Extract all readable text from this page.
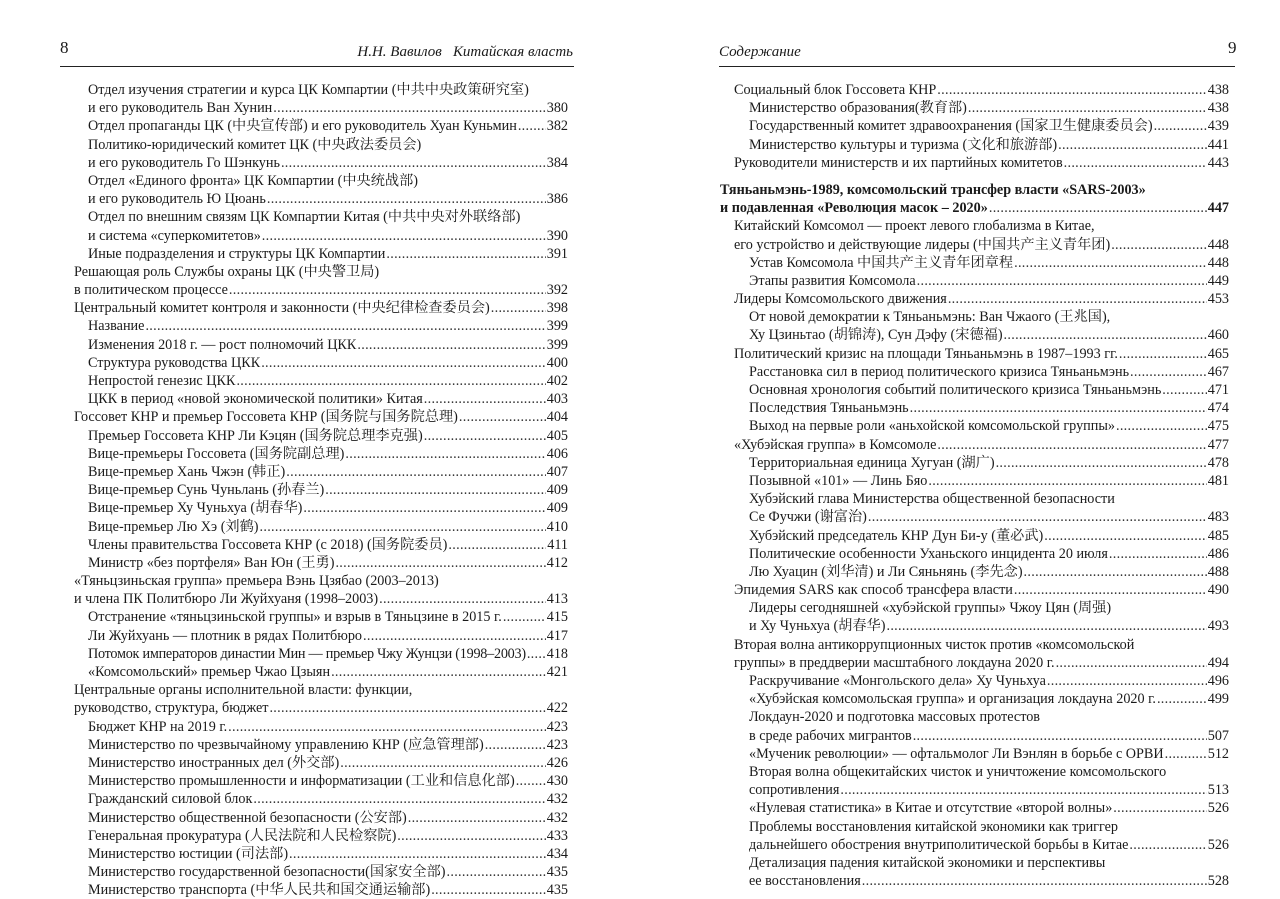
8	Н.Н. Вавилов   Китайская власть
Отдел изучения стратегии и курса ЦК Компартии (中共中央政策研究室)
и его руководитель Ван Хунин .....	380
Отдел пропаганды ЦК (中央宣传部) и его руководитель Хуан Куньмин ..... 382
Политико-юридический комитет ЦК (中央政法委员会)
и его руководитель Го Шэнкунь .....	384
Отдел «Единого фронта» ЦК Компартии (中央统战部)
и его руководитель Ю Цюань .....	386
Отдел по внешним связям ЦК Компартии Китая (中共中央对外联络部)
и система «суперкомитетов» .....	390
Иные подразделения и структуры ЦК Компартии .....	391
Решающая роль Службы охраны ЦК (中央警卫局)
в политическом процессе .....	392
Центральный комитет контроля и законности (中央纪律检查委员会) .....	398
Название .....	399
Изменения 2018 г. — рост полномочий ЦКК .....	399
Структура руководства ЦКК .....	400
Непростой генезис ЦКК .....	402
ЦКК в период «новой экономической политики» Китая .....	403
Госсовет КНР и премьер Госсовета КНР (国务院与国务院总理) .....	404
Премьер Госсовета КНР Ли Кэцян (国务院总理李克强) .....	405
Вице-премьеры Госсовета (国务院副总理) .....	406
Вице-премьер Хань Чжэн (韩正) .....	407
Вице-премьер Сунь Чуньлань (孙春兰) .....	409
Вице-премьер Ху Чуньхуа (胡春华) .....	409
Вице-премьер Лю Хэ (刘鹤) .....	410
Члены правительства Госсовета КНР (с 2018) (国务院委员) .....	411
Министр «без портфеля» Ван Юн (王勇) .....	412
«Тяньцзиньская группа» премьера Вэнь Цзябао (2003–2013)
и члена ПК Политбюро Ли Жуйхуаня (1998–2003) .....	413
Отстранение «тяньцзиньской группы» и взрыв в Тяньцзине в 2015 г. .....	415
Ли Жуйхуань — плотник в рядах Политбюро .....	417
Потомок императоров династии Мин — премьер Чжу Жунцзи (1998–2003) ..... 418
«Комсомольский» премьер Чжао Цзыян .....	421
Центральные органы исполнительной власти: функции,
руководство, структура, бюджет .....	422
Бюджет КНР на 2019 г. .....	423
Министерство по чрезвычайному управлению КНР (应急管理部) .....	423
Министерство иностранных дел (外交部) .....	426
Министерство промышленности и информатизации (工业和信息化部) ..... 430
Гражданский силовой блок .....	432
Министерство общественной безопасности (公安部) .....	432
Генеральная прокуратура (人民法院和人民检察院) .....	433
Министерство юстиции (司法部) .....	434
Министерство государственной безопасности(国家安全部) .....	435
Министерство транспорта (中华人民共和国交通运输部) .....	435
Содержание	9
Социальный блок Госсовета КНР .....	438
Министерство образования(教育部) .....	438
Государственный комитет здравоохранения (国家卫生健康委员会) .....	439
Министерство культуры и туризма (文化和旅游部) .....	441
Руководители министерств и их партийных комитетов .....	443
Тяньаньмэнь-1989, комсомольский трансфер власти «SARS-2003»
и подавленная «Революция масок – 2020» .....	447
Китайский Комсомол — проект левого глобализма в Китае,
его устройство и действующие лидеры (中国共产主义青年团) .....	448
Устав Комсомола 中国共产主义青年团章程 .....	448
Этапы развития Комсомола .....	449
Лидеры Комсомольского движения .....	453
От новой демократии к Тяньаньмэнь: Ван Чжаого (王兆国),
Ху Цзиньтао (胡锦涛), Сун Дэфу (宋德福) .....	460
Политический кризис на площади Тяньаньмэнь в 1987–1993 гг. .....	465
Расстановка сил в период политического кризиса Тяньаньмэнь .....	467
Основная хронология событий политического кризиса Тяньаньмэнь .....	471
Последствия Тяньаньмэнь .....	474
Выход на первые роли «аньхойской комсомольской группы» .....	475
«Хубэйская группа» в Комсомоле .....	477
Территориальная единица Хугуан (湖广) .....	478
Позывной «101» — Линь Бяо .....	481
Хубэйский глава Министерства общественной безопасности
Се Фучжи (谢富治) .....	483
Хубэйский председатель КНР Дун Би-у (董必武) .....	485
Политические особенности Уханьского инцидента 20 июля .....	486
Лю Хуацин (刘华清) и Ли Сяньнянь (李先念) .....	488
Эпидемия SARS как способ трансфера власти .....	490
Лидеры сегодняшней «хубэйской группы» Чжоу Цян (周强)
и Ху Чуньхуа (胡春华) .....	493
Вторая волна антикоррупционных чисток против «комсомольской
группы» в преддверии масштабного локдауна 2020 г. .....	494
Раскручивание «Монгольского дела» Ху Чуньхуа .....	496
«Хубэйская комсомольская группа» и организация локдауна 2020 г. .....	499
Локдаун-2020 и подготовка массовых протестов
в среде рабочих мигрантов .....	507
«Мученик революции» — офтальмолог Ли Вэнлян в борьбе с ОРВИ .....	512
Вторая волна общекитайских чисток и уничтожение комсомольского
сопротивления .....	513
«Нулевая статистика» в Китае и отсутствие «второй волны» .....	526
Проблемы восстановления китайской экономики как триггер
дальнейшего обострения внутриполитической борьбы в Китае .....	526
Детализация падения китайской экономики и перспективы
ее восстановления .....	528
